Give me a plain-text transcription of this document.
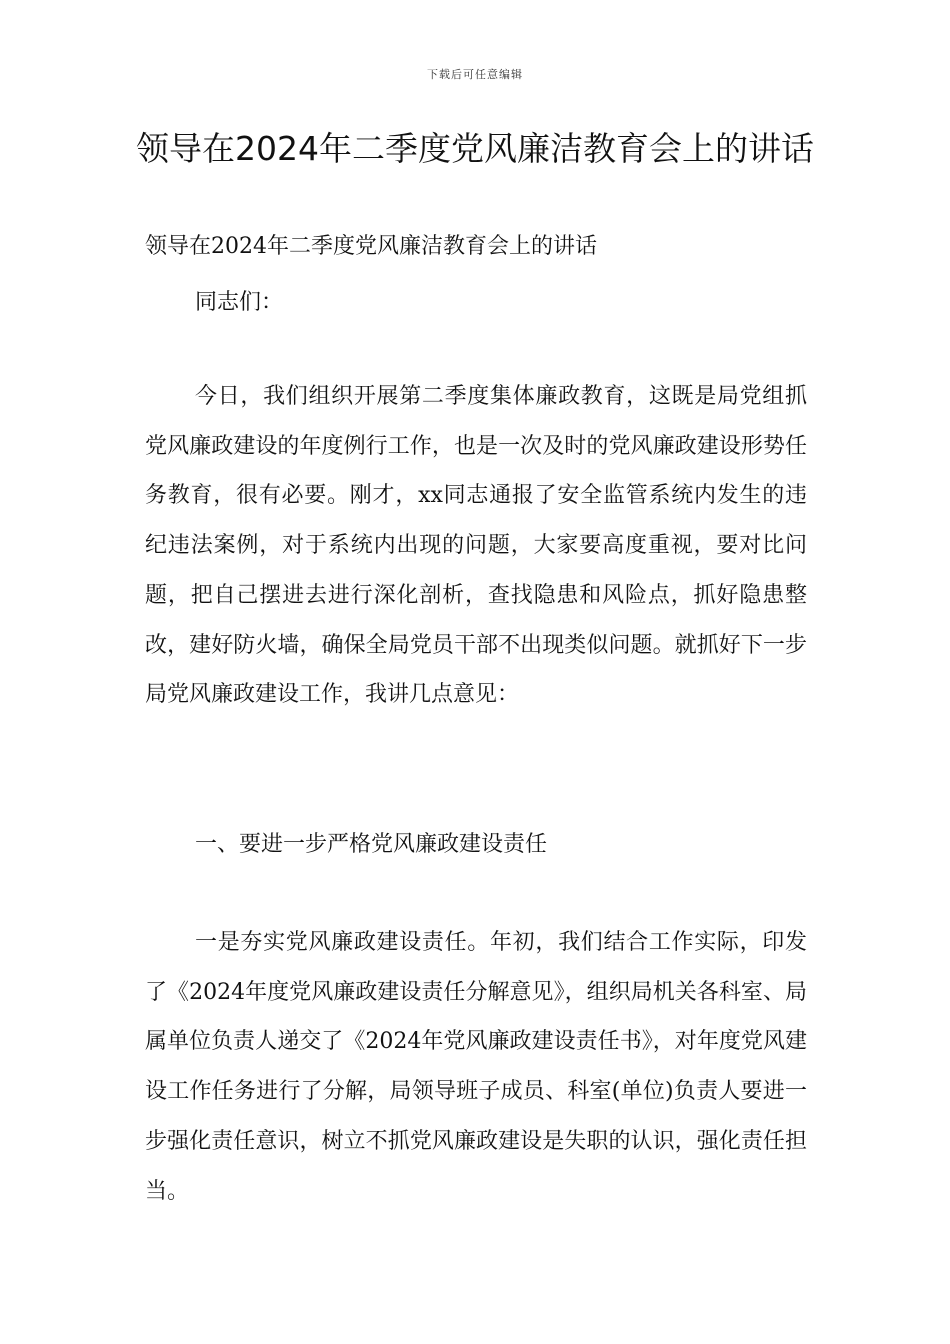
下载后可任意编辑
领导在2024年二季度党风廉洁教育会上的讲话
领导在2024年二季度党风廉洁教育会上的讲话

同志们：

今日，我们组织开展第二季度集体廉政教育，这既是局党组抓党风廉政建设的年度例行工作，也是一次及时的党风廉政建设形势任务教育，很有必要。刚才，xx同志通报了安全监管系统内发生的违纪违法案例，对于系统内出现的问题，大家要高度重视，要对比问题，把自己摆进去进行深化剖析，查找隐患和风险点，抓好隐患整改，建好防火墙，确保全局党员干部不出现类似问题。就抓好下一步局党风廉政建设工作，我讲几点意见：

一、要进一步严格党风廉政建设责任

一是夯实党风廉政建设责任。年初，我们结合工作实际，印发了《2024年度党风廉政建设责任分解意见》，组织局机关各科室、局属单位负责人递交了《2024年党风廉政建设责任书》，对年度党风建设工作任务进行了分解，局领导班子成员、科室(单位)负责人要进一步强化责任意识，树立不抓党风廉政建设是失职的认识，强化责任担当。
